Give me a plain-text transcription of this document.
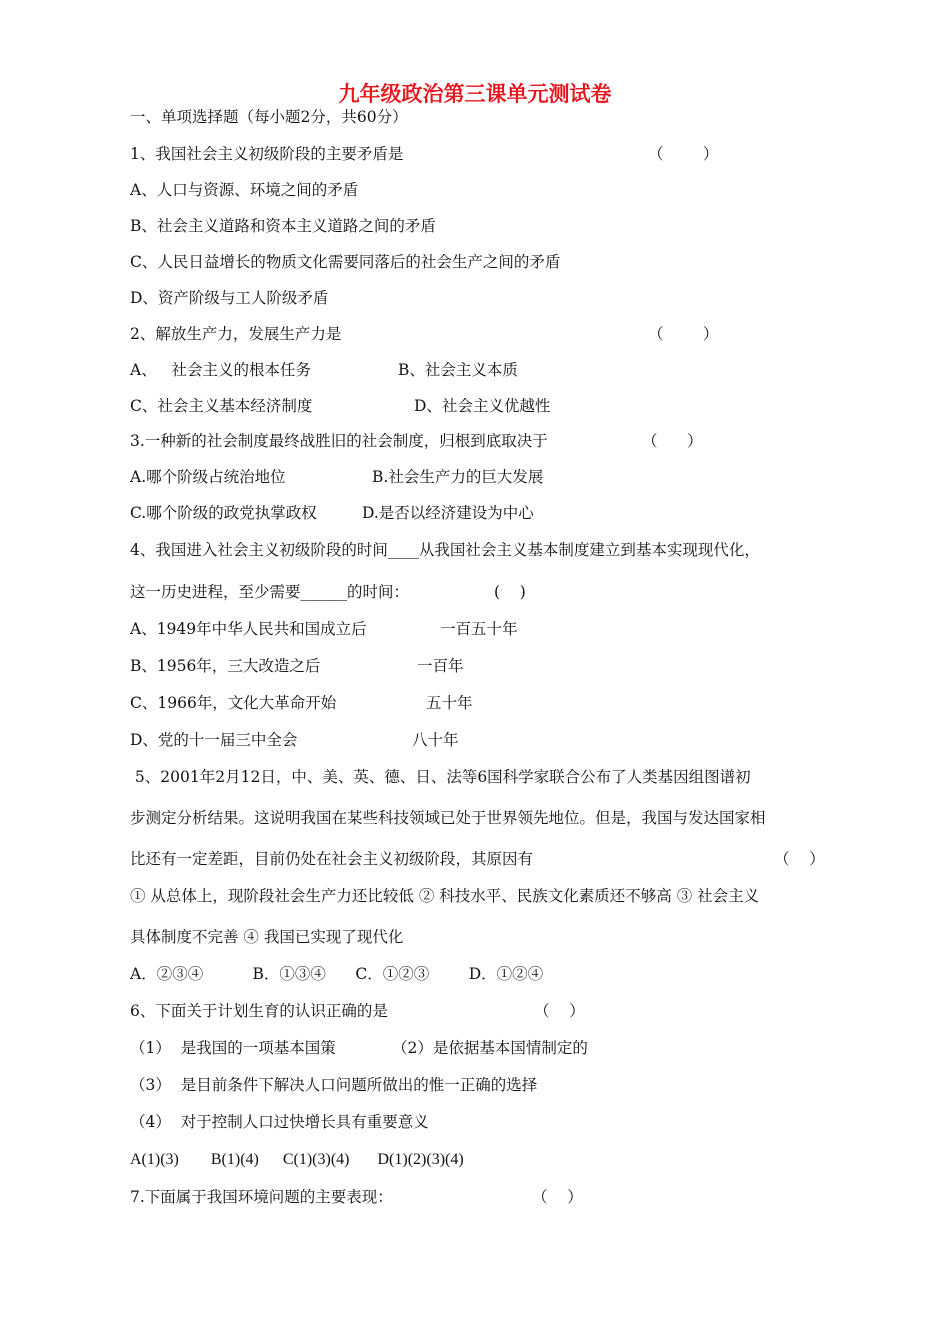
九年级政治第三课单元测试卷
一、单项选择题（每小题2分，共60分）
1、我国社会主义初级阶段的主要矛盾是	（        ）
A、人口与资源、环境之间的矛盾
B、社会主义道路和资本主义道路之间的矛盾
C、人民日益增长的物质文化需要同落后的社会生产之间的矛盾
D、资产阶级与工人阶级矛盾
2、解放生产力，发展生产力是	（        ）
A、   社会主义的根本任务	B、社会主义本质
C、社会主义基本经济制度	D、社会主义优越性
3.一种新的社会制度最终战胜旧的社会制度，归根到底取决于	（      ）
A.哪个阶级占统治地位	B.社会生产力的巨大发展
C.哪个阶级的政党执掌政权	D.是否以经济建设为中心
4、我国进入社会主义初级阶段的时间____从我国社会主义基本制度建立到基本实现现代化，
这一历史进程，至少需要______的时间：	(    )
A、1949年中华人民共和国成立后	一百五十年
B、1956年，三大改造之后	一百年
C、1966年，文化大革命开始	五十年
D、党的十一届三中全会	八十年
5、2001年2月12日，中、美、英、德、日、法等6国科学家联合公布了人类基因组图谱初
步测定分析结果。这说明我国在某些科技领域已处于世界领先地位。但是，我国与发达国家相
比还有一定差距，目前仍处在社会主义初级阶段，其原因有	（    ）
① 从总体上，现阶段社会生产力还比较低 ② 科技水平、民族文化素质还不够高 ③ 社会主义
具体制度不完善 ④ 我国已实现了现代化
A．②③④          B．①③④      C．①②③        D．①②④
6、下面关于计划生育的认识正确的是	（    ）
（1）  是我国的一项基本国策	（2）是依据基本国情制定的
（3）  是目前条件下解决人口问题所做出的惟一正确的选择
（4）  对于控制人口过快增长具有重要意义
A(1)(3)        B(1)(4)      C(1)(3)(4)       D(1)(2)(3)(4)
7.下面属于我国环境问题的主要表现：	（    ）
